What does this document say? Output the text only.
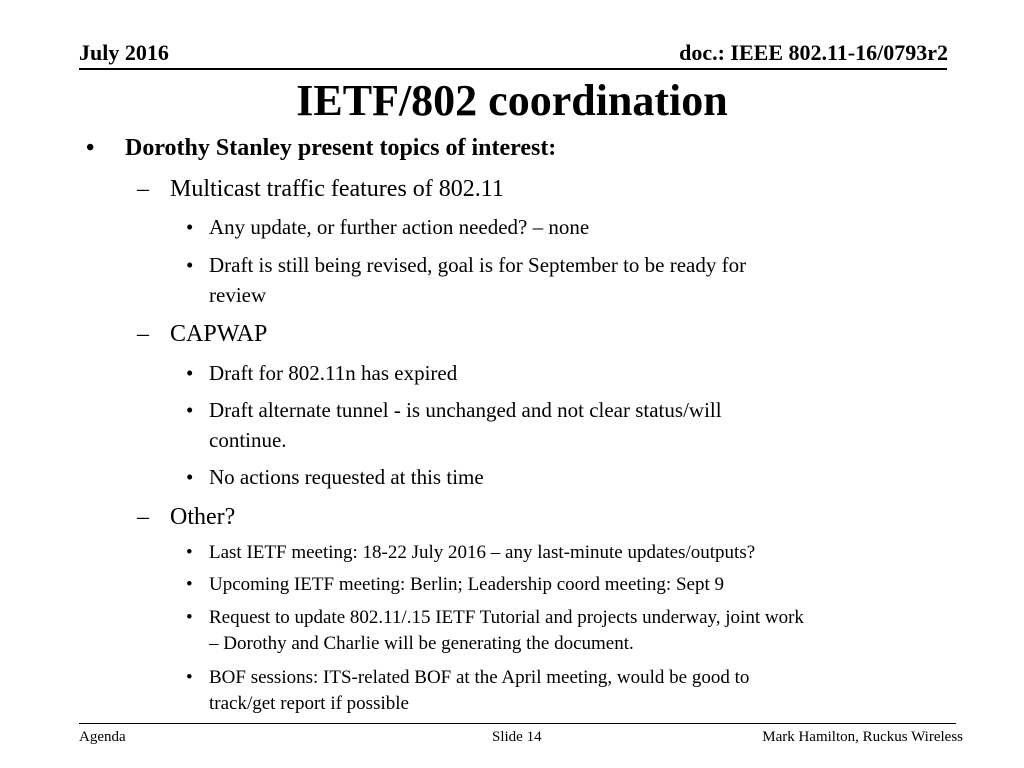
July 2016	doc.: IEEE 802.11-16/0793r2
IETF/802 coordination
• Dorothy Stanley present topics of interest:
– Multicast traffic features of 802.11
• Any update, or further action needed? – none
• Draft is still being revised, goal is for September to be ready for
review
– CAPWAP
• Draft for 802.11n has expired
• Draft alternate tunnel - is unchanged and not clear status/will
continue.
• No actions requested at this time
– Other?
• Last IETF meeting: 18-22 July 2016 – any last-minute updates/outputs?
• Upcoming IETF meeting: Berlin; Leadership coord meeting: Sept 9
• Request to update 802.11/.15 IETF Tutorial and projects underway, joint work
– Dorothy and Charlie will be generating the document.
• BOF sessions: ITS-related BOF at the April meeting, would be good to
track/get report if possible
Agenda	Slide 14	Mark Hamilton, Ruckus Wireless
